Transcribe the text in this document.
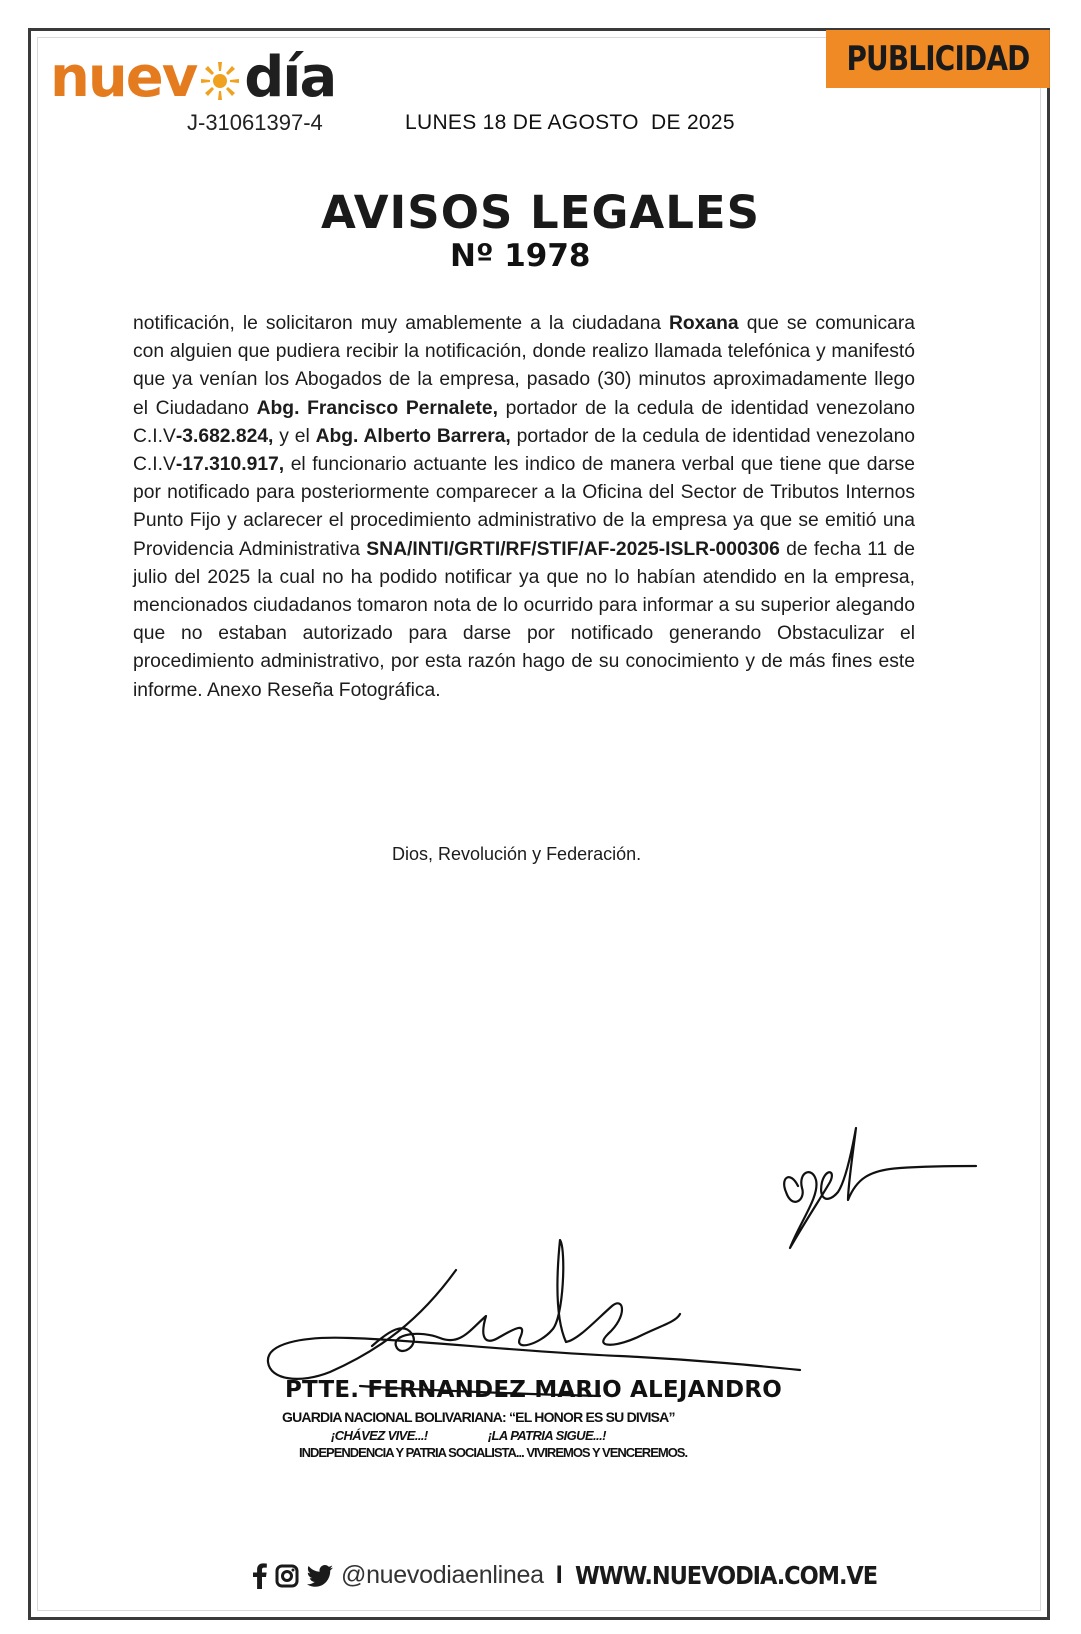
nuev día
J-31061397-4	LUNES 18 DE AGOSTO  DE 2025
PUBLICIDAD
AVISOS LEGALES
Nº 1978
notificación, le solicitaron muy amablemente a la ciudadana Roxana que se comunicara con alguien que pudiera recibir la notificación, donde realizo llamada telefónica y manifestó que ya venían los Abogados de la empresa, pasado (30) minutos aproximadamente llego el Ciudadano Abg. Francisco Pernalete, portador de la cedula de identidad venezolano C.I.V-3.682.824, y el Abg. Alberto Barrera, portador de la cedula de identidad venezolano C.I.V-17.310.917, el funcionario actuante les indico de manera verbal que tiene que darse por notificado para posteriormente comparecer a la Oficina del Sector de Tributos Internos Punto Fijo y aclarecer el procedimiento administrativo de la empresa ya que se emitió una Providencia Administrativa SNA/INTI/GRTI/RF/STIF/AF-2025-ISLR-000306 de fecha 11 de julio del 2025 la cual no ha podido notificar ya que no lo habían atendido en la empresa, mencionados ciudadanos tomaron nota de lo ocurrido para informar a su superior alegando que no estaban autorizado para darse por notificado generando Obstaculizar el procedimiento administrativo, por esta razón hago de su conocimiento y de más fines este informe. Anexo Reseña Fotográfica.
Dios, Revolución y Federación.
PTTE. FERNANDEZ MARIO ALEJANDRO
GUARDIA NACIONAL BOLIVARIANA: “EL HONOR ES SU DIVISA”
¡CHÁVEZ VIVE...!                    ¡LA PATRIA SIGUE...!
INDEPENDENCIA Y PATRIA SOCIALISTA... VIVIREMOS Y VENCEREMOS.
@nuevodiaenlinea I WWW.NUEVODIA.COM.VE
